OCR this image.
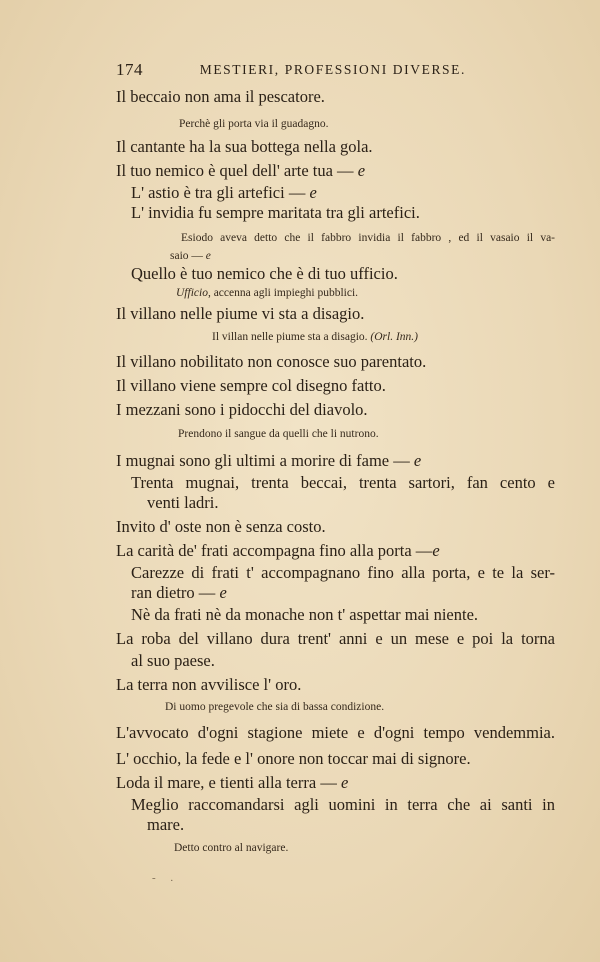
174	MESTIERI, PROFESSIONI DIVERSE.
Il beccaio non ama il pescatore.
Perchè gli porta via il guadagno.
Il cantante ha la sua bottega nella gola.
Il tuo nemico è quel dell' arte tua — e
L' astio è tra gli artefici — e
L' invidia fu sempre maritata tra gli artefici.
Esiodo aveva detto che il fabbro invidia il fabbro , ed il vasaio il va-
saio — e
Quello è tuo nemico che è di tuo ufficio.
Ufficio, accenna agli impieghi pubblici.
Il villano nelle piume vi sta a disagio.
Il villan nelle piume sta a disagio. (Orl. Inn.)
Il villano nobilitato non conosce suo parentato.
Il villano viene sempre col disegno fatto.
I mezzani sono i pidocchi del diavolo.
Prendono il sangue da quelli che li nutrono.
I mugnai sono gli ultimi a morire di fame — e
Trenta mugnai, trenta beccai, trenta sartori, fan cento e
venti ladri.
Invito d' oste non è senza costo.
La carità de' frati accompagna fino alla porta —e
Carezze di frati t' accompagnano fino alla porta, e te la ser-
ran dietro — e
Nè da frati nè da monache non t' aspettar mai niente.
La roba del villano dura trent' anni e un mese e poi la torna
al suo paese.
La terra non avvilisce l' oro.
Di uomo pregevole che sia di bassa condizione.
L'avvocato d'ogni stagione miete e d'ogni tempo vendemmia.
L' occhio, la fede e l' onore non toccar mai di signore.
Loda il mare, e tienti alla terra — e
Meglio raccomandarsi agli uomini in terra che ai santi in
mare.
Detto contro al navigare.
- .
